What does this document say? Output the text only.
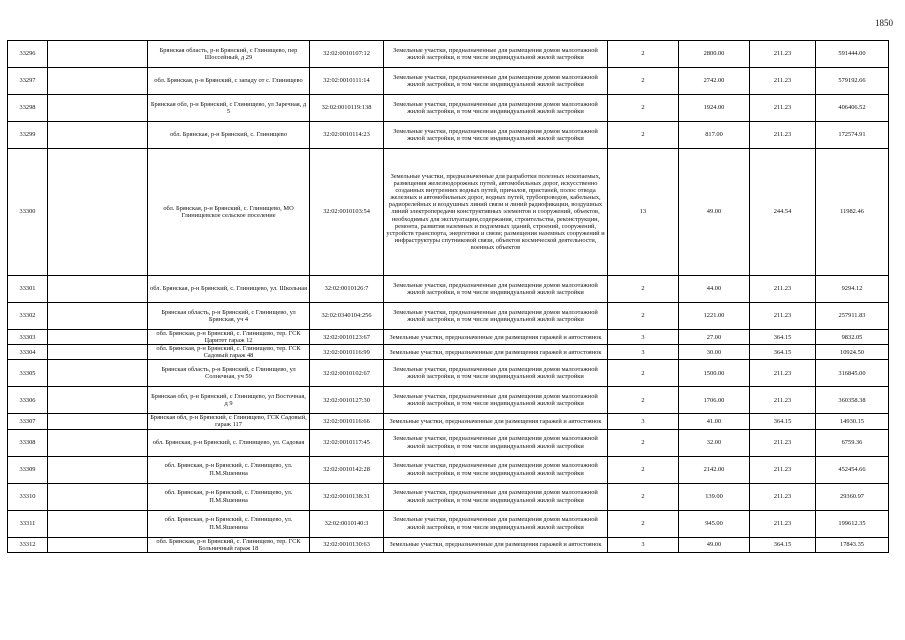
1850
33296		Брянская область, р-н Брянский, с Глинищево, пер Шоссейный, д 29	32:02:0010107:12	Земельные участки, предназначенные для размещения домов малоэтажной жилой застройки, в том числе индивидуальной жилой застройки	2	2800.00	211.23	591444.00
33297		обл. Брянская, р-н Брянский, с западу от с. Глинищево	32:02:0010111:14	Земельные участки, предназначенные для размещения домов малоэтажной жилой застройки, в том числе индивидуальной жилой застройки	2	2742.00	211.23	579192.66
33298		Брянская обл, р-н Брянский, с Глинищево, ул Заречная, д 5	32:02:0010119:138	Земельные участки, предназначенные для размещения домов малоэтажной жилой застройки, в том числе индивидуальной жилой застройки	2	1924.00	211.23	406406.52
33299		обл. Брянская, р-н Брянский, с. Глинищево	32:02:0010114:23	Земельные участки, предназначенные для размещения домов малоэтажной жилой застройки, в том числе индивидуальной жилой застройки	2	817.00	211.23	172574.91
33300		обл. Брянская, р-н Брянский, с. Глинищево, МО Глинищевское сельское поселение	32:02:0010103:54	Земельные участки, предназначенные для разработки полезных ископаемых, размещения железнодорожных путей, автомобильных дорог, искусственно созданных внутренних водных путей, причалов, пристаней, полос отвода железных и автомобильных дорог, водных путей, трубопроводов, кабельных, радиорелейных и воздушных линий связи и линий радиофикации, воздушных линий электропередачи конструктивных элементов и сооружений, объектов, необходимых для эксплуатации,содержания, строительства, реконструкции, ремонта, развития наземных и подземных зданий, строений, сооружений, устройств транспорта, энергетики и связи; размещения наземных сооружений и инфраструктуры спутниковой связи, объектов космической деятельности, военных объектов	13	49.00	244.54	11982.46
33301		обл. Брянская, р-н Брянский, с. Глинищево, ул. Школьная	32:02:0010126:7	Земельные участки, предназначенные для размещения домов малоэтажной жилой застройки, в том числе индивидуальной жилой застройки	2	44.00	211.23	9294.12
33302		Брянская область, р-н Брянский, с Глинищево, ул Брянская, уч 4	32:02:0340104:256	Земельные участки, предназначенные для размещения домов малоэтажной жилой застройки, в том числе индивидуальной жилой застройки	2	1221.00	211.23	257911.83
33303		обл. Брянская, р-н Брянский, с. Глинищево, тер. ГСК Царитет гараж 12	32:02:0010123:67	Земельные участки, предназначенные для размещения гаражей и автостоянок	3	27.00	364.15	9832.05
33304		обл. Брянская, р-н Брянский, с. Глинищево, тер. ГСК Садовый гараж 48	32:02:0010116:99	Земельные участки, предназначенные для размещения гаражей и автостоянок	3	30.00	364.15	10924.50
33305		Брянская область, р-н Брянский, с Глинищево, ул Солнечная, уч 59	32:02:0010102:67	Земельные участки, предназначенные для размещения домов малоэтажной жилой застройки, в том числе индивидуальной жилой застройки	2	1500.00	211.23	316845.00
33306		Брянская обл, р-н Брянский, с Глинищево, ул Восточная, д 9	32:02:0010127:30	Земельные участки, предназначенные для размещения домов малоэтажной жилой застройки, в том числе индивидуальной жилой застройки	2	1706.00	211.23	360358.38
33307		Брянская обл, р-н Брянский, с Глинищево, ГСК Садовый, гараж 117	32:02:0010116:66	Земельные участки, предназначенные для размещения гаражей и автостоянок	3	41.00	364.15	14930.15
33308		обл. Брянская, р-н Брянский, с. Глинищево, ул. Садовая	32:02:0010117:45	Земельные участки, предназначенные для размещения домов малоэтажной жилой застройки, в том числе индивидуальной жилой застройки	2	32.00	211.23	6759.36
33309		обл. Брянская, р-н Брянский, с. Глинищево, ул. П.М.Яшенина	32:02:0010142:28	Земельные участки, предназначенные для размещения домов малоэтажной жилой застройки, в том числе индивидуальной жилой застройки	2	2142.00	211.23	452454.66
33310		обл. Брянская, р-н Брянский, с. Глинищево, ул. П.М.Яшенина	32:02:0010138:31	Земельные участки, предназначенные для размещения домов малоэтажной жилой застройки, в том числе индивидуальной жилой застройки	2	139.00	211.23	29360.97
33311		обл. Брянская, р-н Брянский, с. Глинищево, ул. П.М.Яшенина	32:02:0010140:3	Земельные участки, предназначенные для размещения домов малоэтажной жилой застройки, в том числе индивидуальной жилой застройки	2	945.00	211.23	199612.35
33312		обл. Брянская, р-н Брянский, с. Глинищево, тер. ГСК Больничный гараж 18	32:02:0010130:63	Земельные участки, предназначенные для размещения гаражей и автостоянок	3	49.00	364.15	17843.35
